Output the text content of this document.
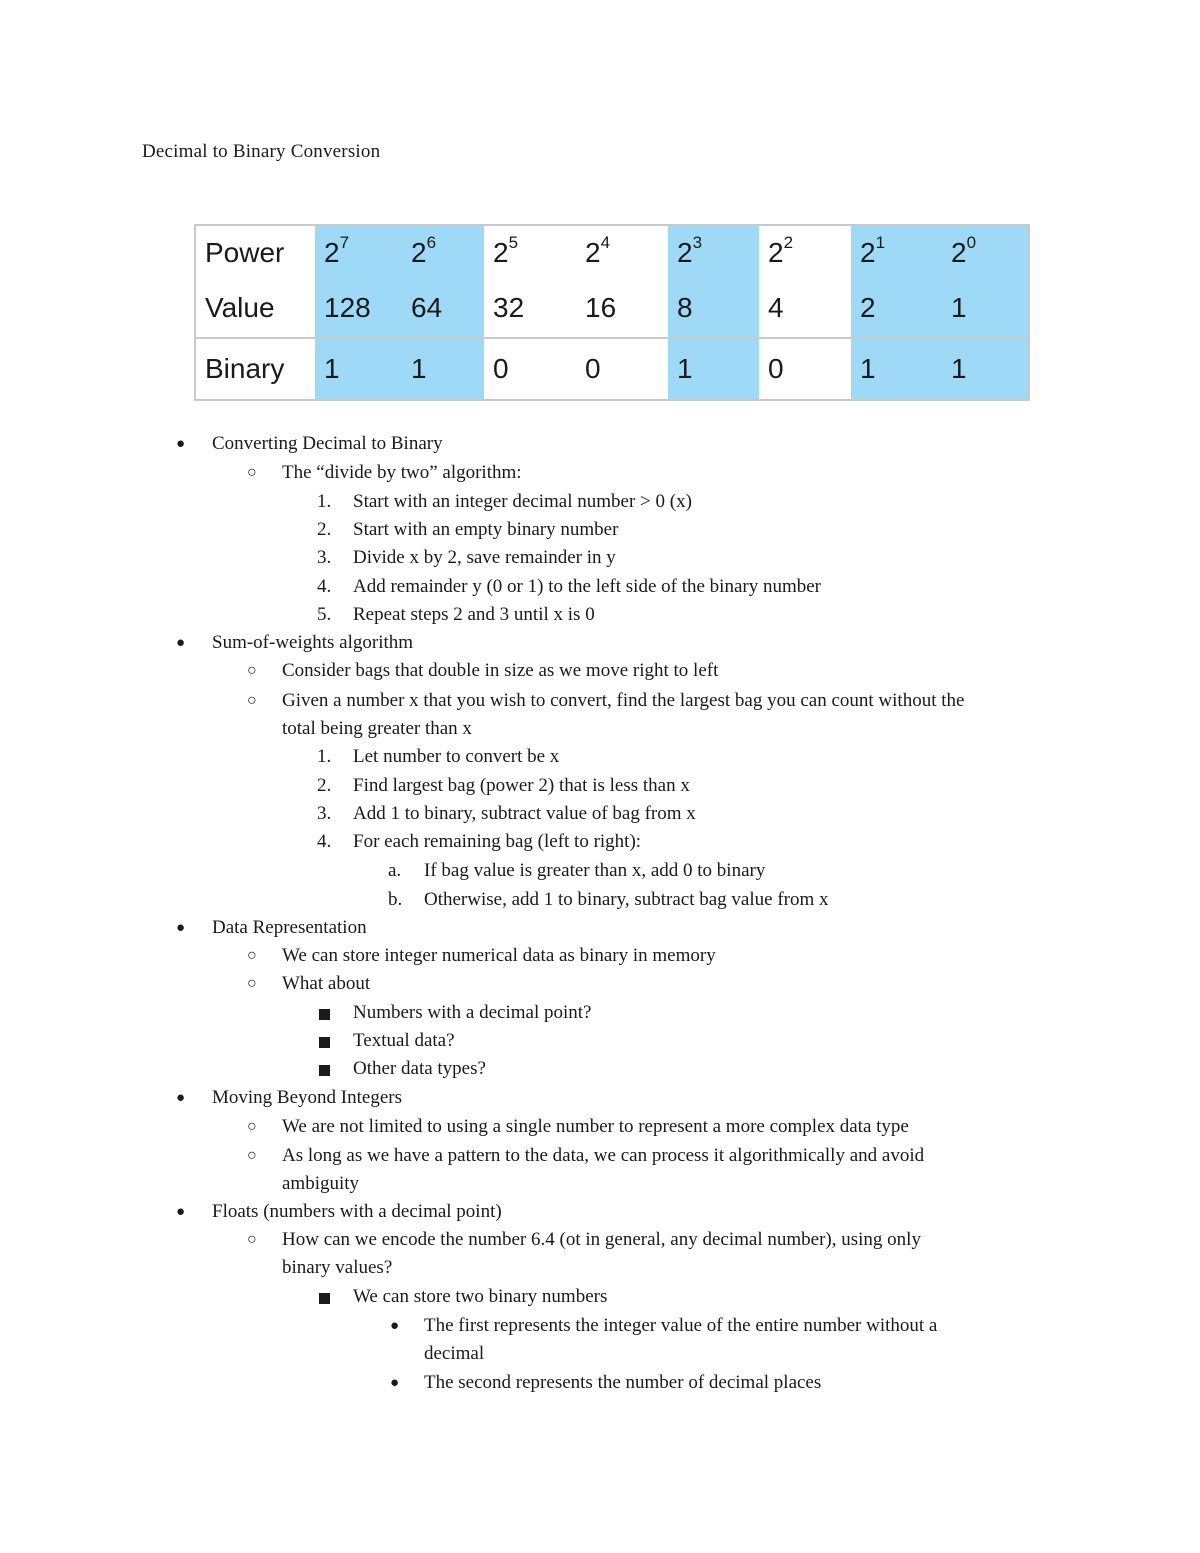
Decimal to Binary Conversion
Power	$2^7$	$2^6$	$2^5$	$2^4$	$2^3$	$2^2$	$2^1$	$2^0$
Value	128	64	32	16	8	4	2	1
Binary	1	1	0	0	1	0	1	1
● Converting Decimal to Binary
○ The “divide by two” algorithm:
1. Start with an integer decimal number > 0 (x)
2. Start with an empty binary number
3. Divide x by 2, save remainder in y
4. Add remainder y (0 or 1) to the left side of the binary number
5. Repeat steps 2 and 3 until x is 0
● Sum-of-weights algorithm
○ Consider bags that double in size as we move right to left
○ Given a number x that you wish to convert, find the largest bag you can count without the
total being greater than x
1. Let number to convert be x
2. Find largest bag (power 2) that is less than x
3. Add 1 to binary, subtract value of bag from x
4. For each remaining bag (left to right):
a. If bag value is greater than x, add 0 to binary
b. Otherwise, add 1 to binary, subtract bag value from x
● Data Representation
○ We can store integer numerical data as binary in memory
○ What about
Numbers with a decimal point?
Textual data?
Other data types?
● Moving Beyond Integers
○ We are not limited to using a single number to represent a more complex data type
○ As long as we have a pattern to the data, we can process it algorithmically and avoid
ambiguity
● Floats (numbers with a decimal point)
○ How can we encode the number 6.4 (ot in general, any decimal number), using only
binary values?
We can store two binary numbers
● The first represents the integer value of the entire number without a
decimal
● The second represents the number of decimal places
